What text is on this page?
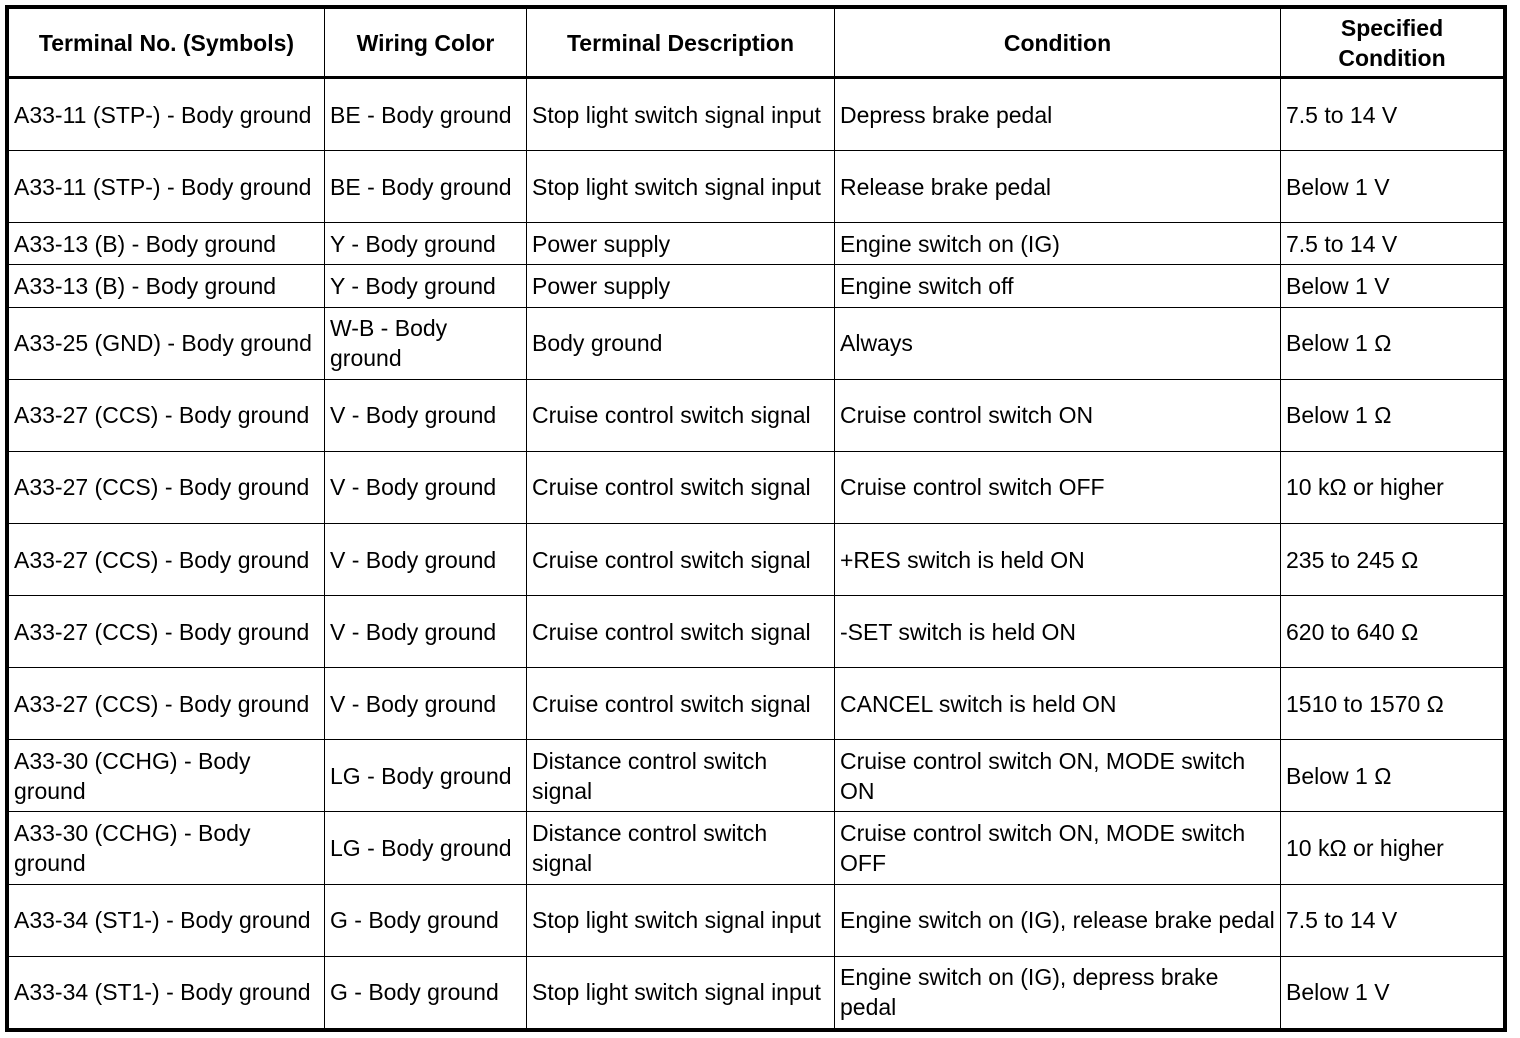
Terminal No. (Symbols)	Wiring Color	Terminal Description	Condition	Specified Condition
A33-11 (STP-) - Body ground	BE - Body ground	Stop light switch signal input	Depress brake pedal	7.5 to 14 V
A33-11 (STP-) - Body ground	BE - Body ground	Stop light switch signal input	Release brake pedal	Below 1 V
A33-13 (B) - Body ground	Y - Body ground	Power supply	Engine switch on (IG)	7.5 to 14 V
A33-13 (B) - Body ground	Y - Body ground	Power supply	Engine switch off	Below 1 V
A33-25 (GND) - Body ground	W-B - Body ground	Body ground	Always	Below 1 Ω
A33-27 (CCS) - Body ground	V - Body ground	Cruise control switch signal	Cruise control switch ON	Below 1 Ω
A33-27 (CCS) - Body ground	V - Body ground	Cruise control switch signal	Cruise control switch OFF	10 kΩ or higher
A33-27 (CCS) - Body ground	V - Body ground	Cruise control switch signal	+RES switch is held ON	235 to 245 Ω
A33-27 (CCS) - Body ground	V - Body ground	Cruise control switch signal	-SET switch is held ON	620 to 640 Ω
A33-27 (CCS) - Body ground	V - Body ground	Cruise control switch signal	CANCEL switch is held ON	1510 to 1570 Ω
A33-30 (CCHG) - Body ground	LG - Body ground	Distance control switch signal	Cruise control switch ON, MODE switch ON	Below 1 Ω
A33-30 (CCHG) - Body ground	LG - Body ground	Distance control switch signal	Cruise control switch ON, MODE switch OFF	10 kΩ or higher
A33-34 (ST1-) - Body ground	G - Body ground	Stop light switch signal input	Engine switch on (IG), release brake pedal	7.5 to 14 V
A33-34 (ST1-) - Body ground	G - Body ground	Stop light switch signal input	Engine switch on (IG), depress brake pedal	Below 1 V
